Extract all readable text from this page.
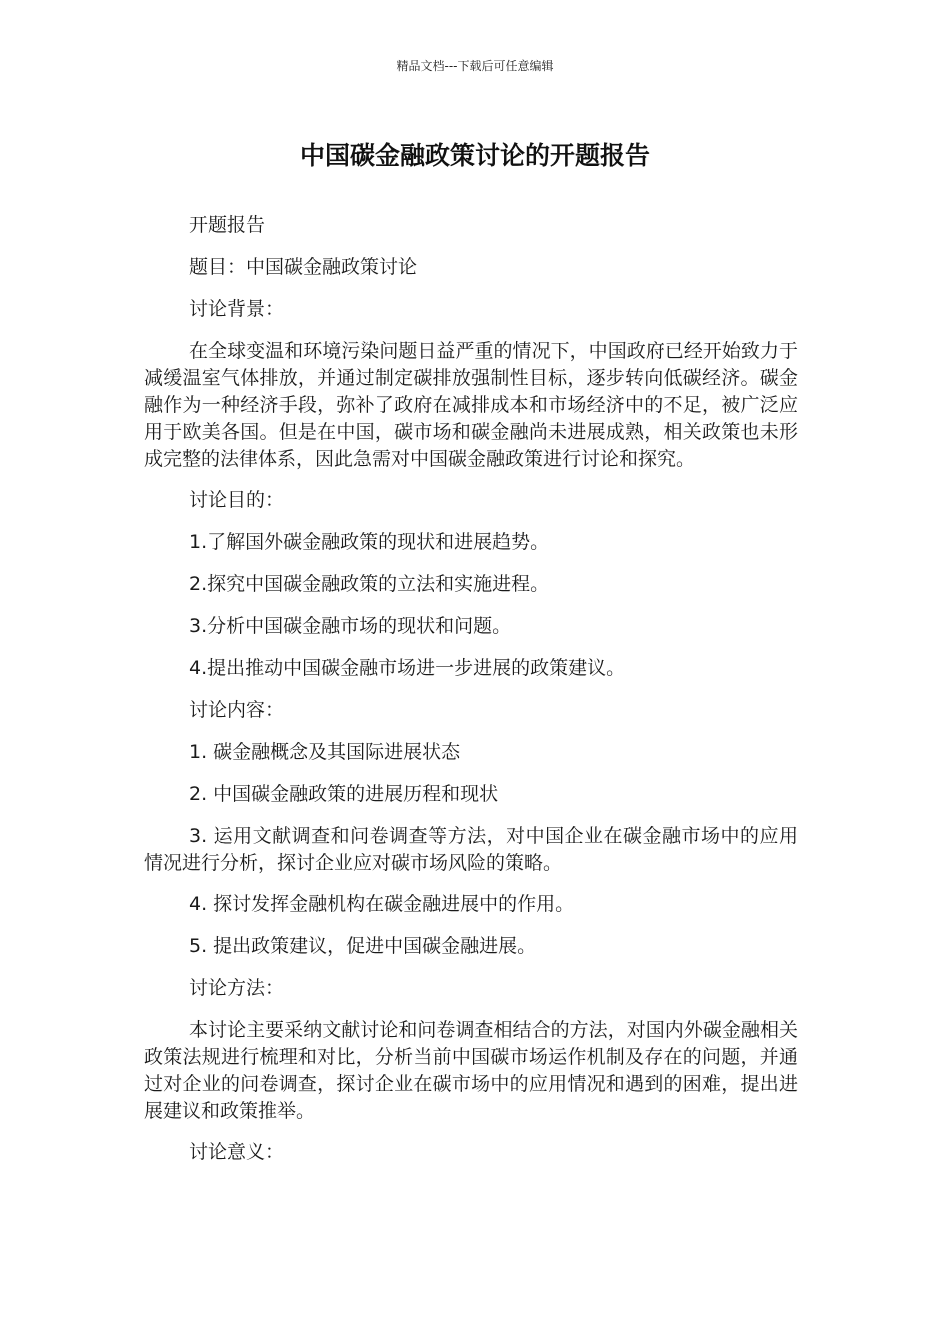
精品文档---下载后可任意编辑
中国碳金融政策讨论的开题报告

开题报告

题目：中国碳金融政策讨论

讨论背景：

在全球变温和环境污染问题日益严重的情况下，中国政府已经开始致力于减缓温室气体排放，并通过制定碳排放强制性目标，逐步转向低碳经济。碳金融作为一种经济手段，弥补了政府在减排成本和市场经济中的不足，被广泛应用于欧美各国。但是在中国，碳市场和碳金融尚未进展成熟，相关政策也未形成完整的法律体系，因此急需对中国碳金融政策进行讨论和探究。

讨论目的：

1.了解国外碳金融政策的现状和进展趋势。

2.探究中国碳金融政策的立法和实施进程。

3.分析中国碳金融市场的现状和问题。

4.提出推动中国碳金融市场进一步进展的政策建议。

讨论内容：

1. 碳金融概念及其国际进展状态

2. 中国碳金融政策的进展历程和现状

3. 运用文献调查和问卷调查等方法，对中国企业在碳金融市场中的应用情况进行分析，探讨企业应对碳市场风险的策略。

4. 探讨发挥金融机构在碳金融进展中的作用。

5. 提出政策建议，促进中国碳金融进展。

讨论方法：

本讨论主要采纳文献讨论和问卷调查相结合的方法，对国内外碳金融相关政策法规进行梳理和对比，分析当前中国碳市场运作机制及存在的问题，并通过对企业的问卷调查，探讨企业在碳市场中的应用情况和遇到的困难，提出进展建议和政策推举。

讨论意义：
